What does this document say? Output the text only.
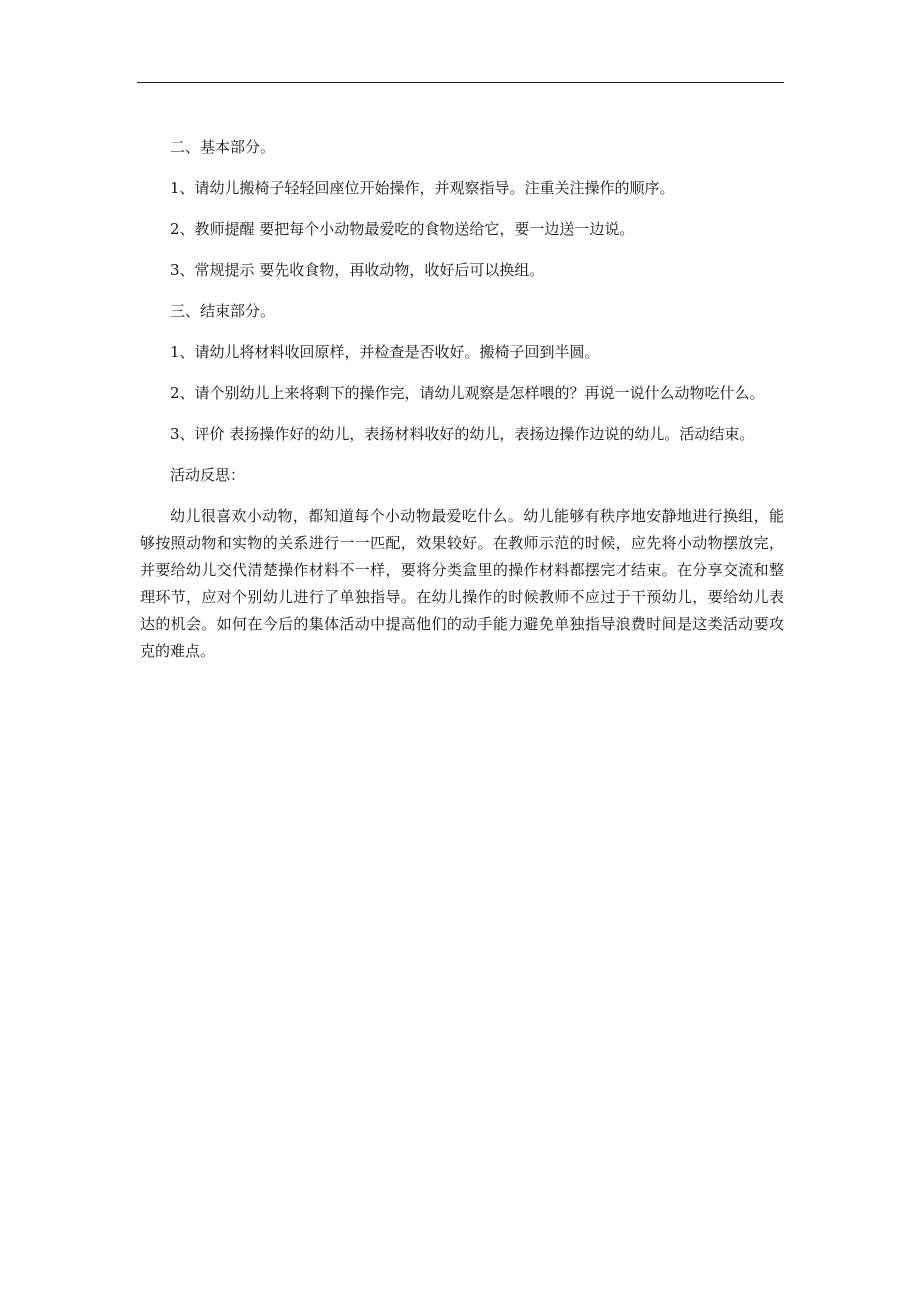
二、基本部分。

1、请幼儿搬椅子轻轻回座位开始操作，并观察指导。注重关注操作的顺序。

2、教师提醒 要把每个小动物最爱吃的食物送给它，要一边送一边说。

3、常规提示 要先收食物，再收动物，收好后可以换组。

三、结束部分。

1、请幼儿将材料收回原样，并检查是否收好。搬椅子回到半圆。

2、请个别幼儿上来将剩下的操作完，请幼儿观察是怎样喂的？再说一说什么动物吃什么。

3、评价 表扬操作好的幼儿，表扬材料收好的幼儿，表扬边操作边说的幼儿。活动结束。

活动反思：

幼儿很喜欢小动物，都知道每个小动物最爱吃什么。幼儿能够有秩序地安静地进行换组，能够按照动物和实物的关系进行一一匹配，效果较好。在教师示范的时候，应先将小动物摆放完，并要给幼儿交代清楚操作材料不一样，要将分类盒里的操作材料都摆完才结束。在分享交流和整理环节，应对个别幼儿进行了单独指导。在幼儿操作的时候教师不应过于干预幼儿，要给幼儿表达的机会。如何在今后的集体活动中提高他们的动手能力避免单独指导浪费时间是这类活动要攻克的难点。
